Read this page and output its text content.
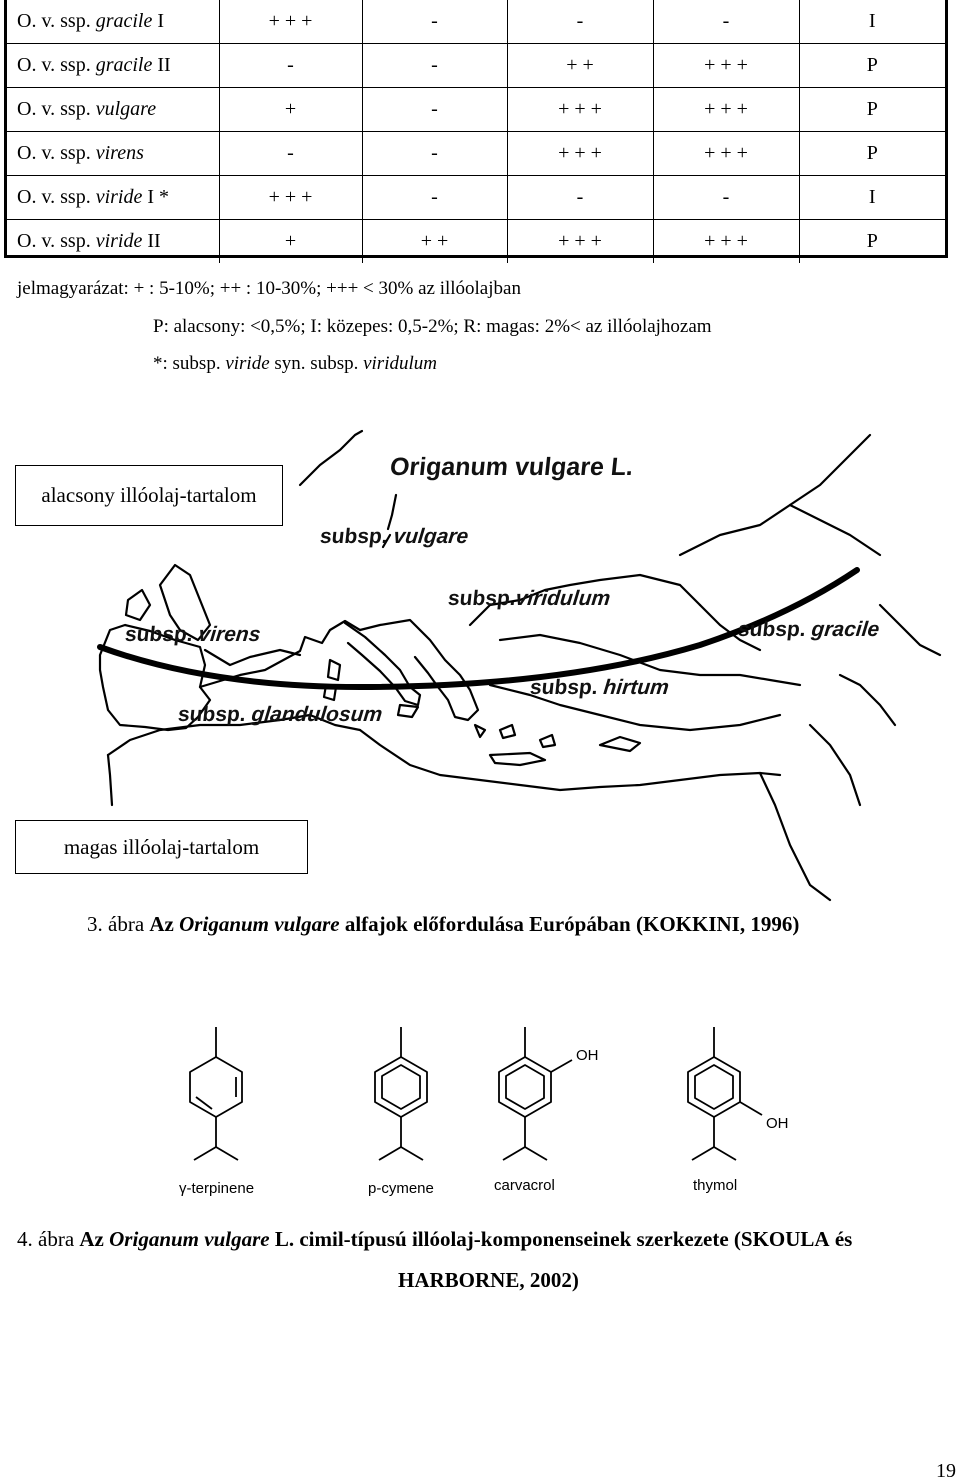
O. v. ssp. gracile I	+ + +	-	-	-	I
O. v. ssp. gracile II	-	-	+ +	+ + +	P
O. v. ssp. vulgare	+	-	+ + +	+ + +	P
O. v. ssp. virens	-	-	+ + +	+ + +	P
O. v. ssp. viride I *	+ + +	-	-	-	I
O. v. ssp. viride II	+	+ +	+ + +	+ + +	P
jelmagyarázat: + : 5-10%; ++ : 10-30%; +++ < 30% az illóolajban
P: alacsony: <0,5%; I: közepes: 0,5-2%; R: magas: 2%< az illóolajhozam
*: subsp. viride syn. subsp. viridulum
Origanum vulgare L.
subsp. vulgare
subsp.viridulum
subsp. virens	subsp. gracile
subsp. hirtum
subsp. glandulosum
alacsony illóolaj-tartalom
magas illóolaj-tartalom
3. ábra Az Origanum vulgare alfajok előfordulása Európában (KOKKINI, 1996)
OH
OH
γ-terpinene	p-cymene	carvacrol	thymol
4. ábra Az Origanum vulgare L. cimil-típusú illóolaj-komponenseinek szerkezete (SKOULA és
HARBORNE, 2002)
19
